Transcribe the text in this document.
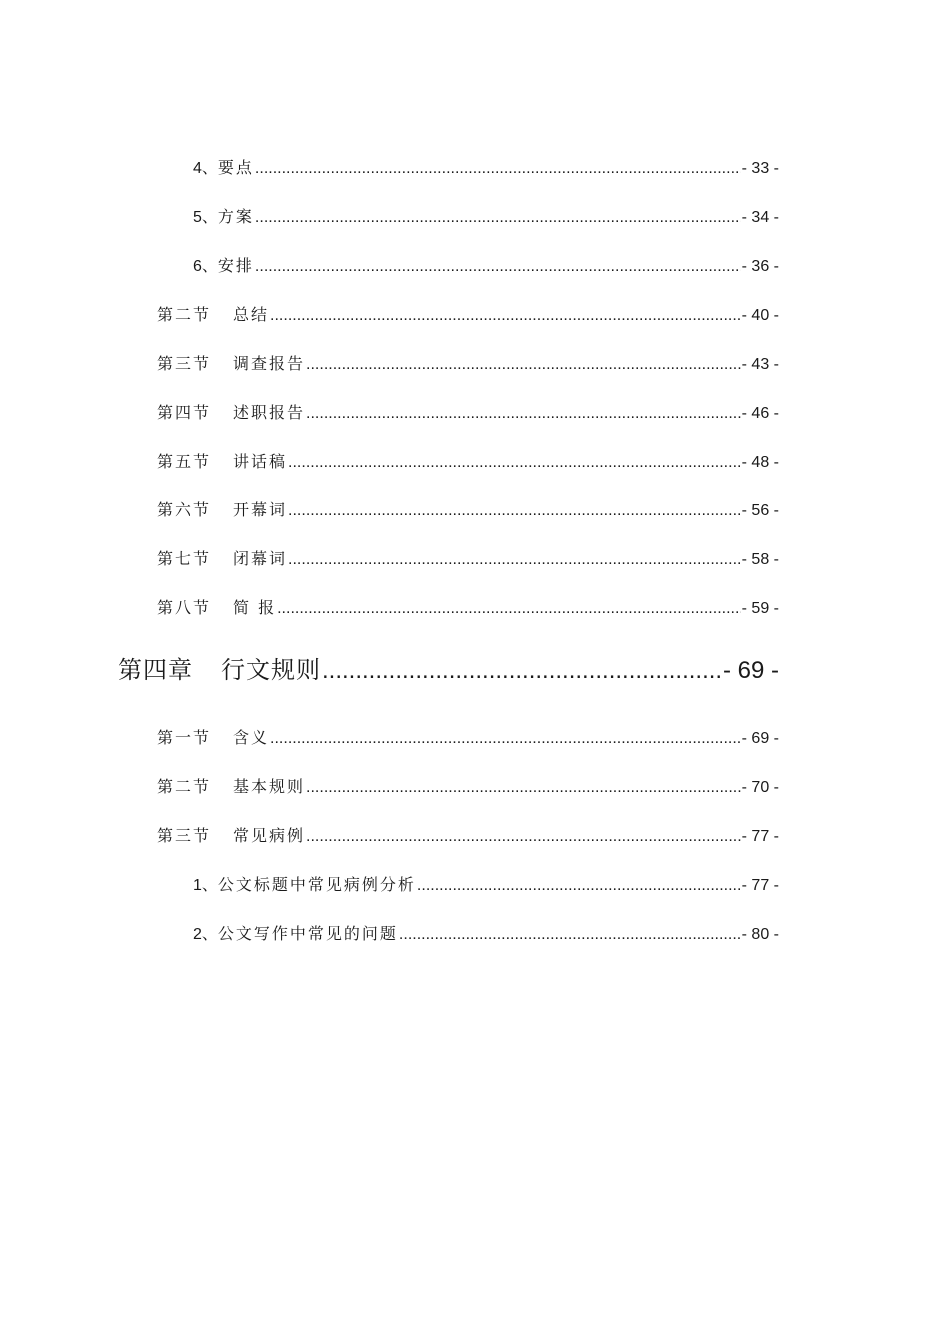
4、要点 .....	- 33 -
5、方案 .....	- 34 -
6、安排 .....	- 36 -
第二节 总结 .....	- 40 -
第三节 调查报告 .....	- 43 -
第四节 述职报告 .....	- 46 -
第五节 讲话稿 .....	- 48 -
第六节 开幕词 .....	- 56 -
第七节 闭幕词 .....	- 58 -
第八节 简 报 .....	- 59 -
第四章 行文规则 .....	- 69 -
第一节 含义 .....	- 69 -
第二节 基本规则 .....	- 70 -
第三节 常见病例 .....	- 77 -
1、公文标题中常见病例分析 .....	- 77 -
2、公文写作中常见的问题 .....	- 80 -
